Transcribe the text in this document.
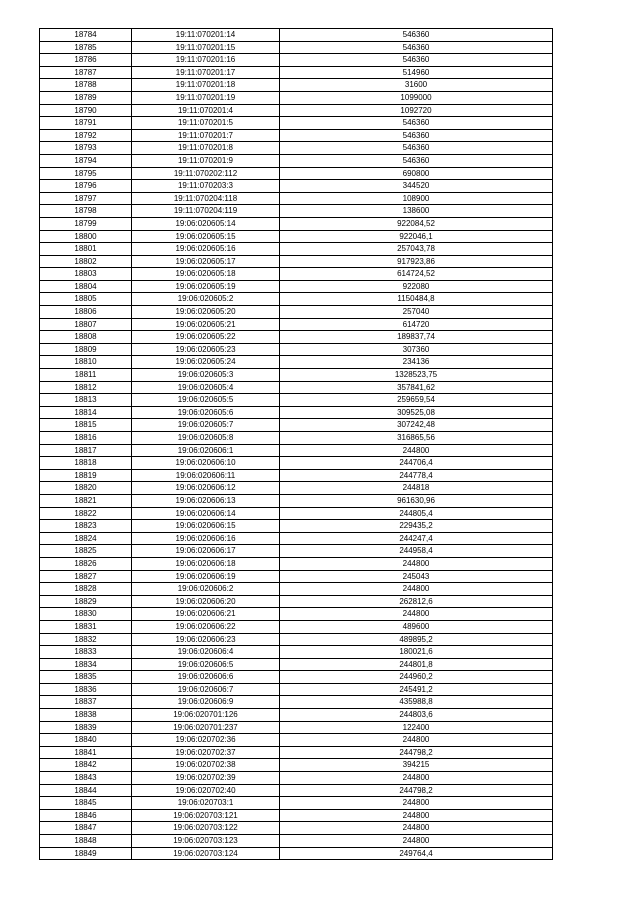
18784	19:11:070201:14	546360
18785	19:11:070201:15	546360
18786	19:11:070201:16	546360
18787	19:11:070201:17	514960
18788	19:11:070201:18	31600
18789	19:11:070201:19	1099000
18790	19:11:070201:4	1092720
18791	19:11:070201:5	546360
18792	19:11:070201:7	546360
18793	19:11:070201:8	546360
18794	19:11:070201:9	546360
18795	19:11:070202:112	690800
18796	19:11:070203:3	344520
18797	19:11:070204:118	108900
18798	19:11:070204:119	138600
18799	19:06:020605:14	922084,52
18800	19:06:020605:15	922046,1
18801	19:06:020605:16	257043,78
18802	19:06:020605:17	917923,86
18803	19:06:020605:18	614724,52
18804	19:06:020605:19	922080
18805	19:06:020605:2	1150484,8
18806	19:06:020605:20	257040
18807	19:06:020605:21	614720
18808	19:06:020605:22	189837,74
18809	19:06:020605:23	307360
18810	19:06:020605:24	234136
18811	19:06:020605:3	1328523,75
18812	19:06:020605:4	357841,62
18813	19:06:020605:5	259659,54
18814	19:06:020605:6	309525,08
18815	19:06:020605:7	307242,48
18816	19:06:020605:8	316865,56
18817	19:06:020606:1	244800
18818	19:06:020606:10	244706,4
18819	19:06:020606:11	244778,4
18820	19:06:020606:12	244818
18821	19:06:020606:13	961630,96
18822	19:06:020606:14	244805,4
18823	19:06:020606:15	229435,2
18824	19:06:020606:16	244247,4
18825	19:06:020606:17	244958,4
18826	19:06:020606:18	244800
18827	19:06:020606:19	245043
18828	19:06:020606:2	244800
18829	19:06:020606:20	262812,6
18830	19:06:020606:21	244800
18831	19:06:020606:22	489600
18832	19:06:020606:23	489895,2
18833	19:06:020606:4	180021,6
18834	19:06:020606:5	244801,8
18835	19:06:020606:6	244960,2
18836	19:06:020606:7	245491,2
18837	19:06:020606:9	435988,8
18838	19:06:020701:126	244803,6
18839	19:06:020701:237	122400
18840	19:06:020702:36	244800
18841	19:06:020702:37	244798,2
18842	19:06:020702:38	394215
18843	19:06:020702:39	244800
18844	19:06:020702:40	244798,2
18845	19:06:020703:1	244800
18846	19:06:020703:121	244800
18847	19:06:020703:122	244800
18848	19:06:020703:123	244800
18849	19:06:020703:124	249764,4
